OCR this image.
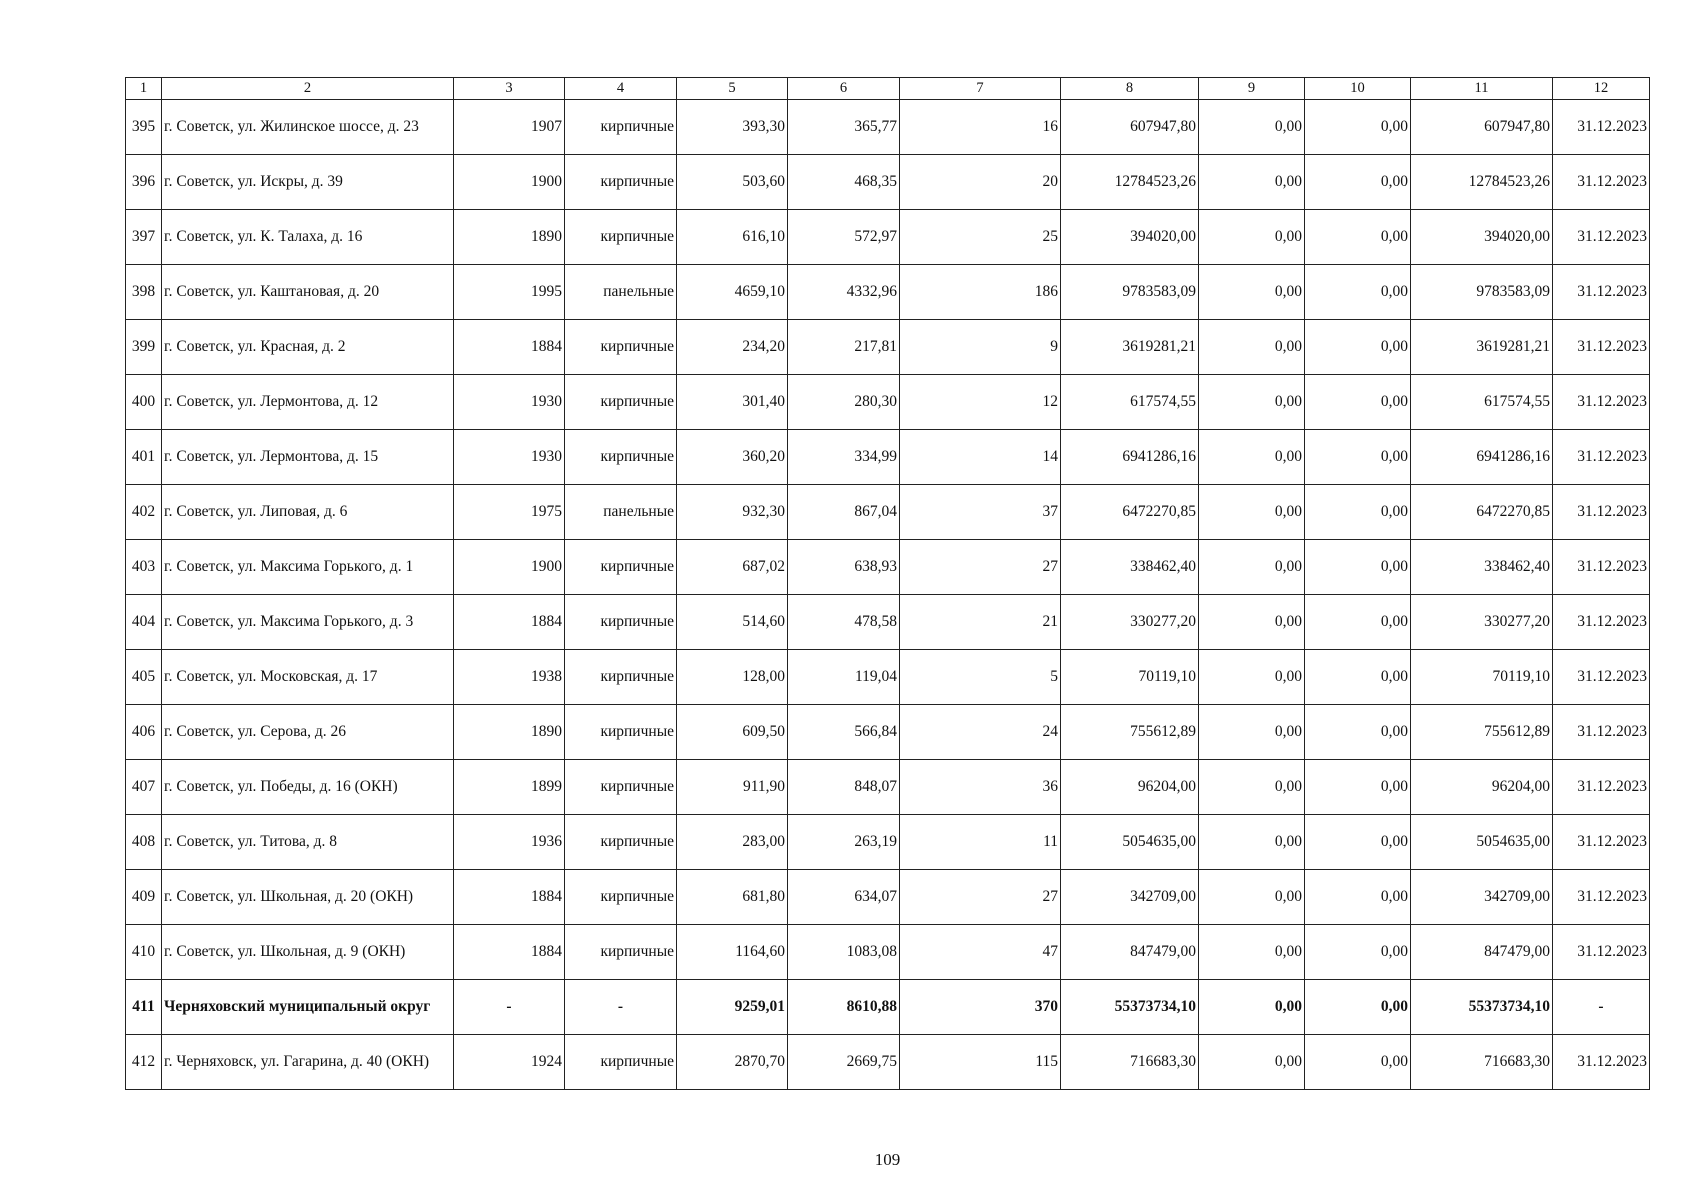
1	2	3	4	5	6	7	8	9	10	11	12
395	г. Советск, ул. Жилинское шоссе, д. 23	1907	кирпичные	393,30	365,77	16	607947,80	0,00	0,00	607947,80	31.12.2023
396	г. Советск, ул. Искры, д. 39	1900	кирпичные	503,60	468,35	20	12784523,26	0,00	0,00	12784523,26	31.12.2023
397	г. Советск, ул. К. Талаха, д. 16	1890	кирпичные	616,10	572,97	25	394020,00	0,00	0,00	394020,00	31.12.2023
398	г. Советск, ул. Каштановая, д. 20	1995	панельные	4659,10	4332,96	186	9783583,09	0,00	0,00	9783583,09	31.12.2023
399	г. Советск, ул. Красная, д. 2	1884	кирпичные	234,20	217,81	9	3619281,21	0,00	0,00	3619281,21	31.12.2023
400	г. Советск, ул. Лермонтова, д. 12	1930	кирпичные	301,40	280,30	12	617574,55	0,00	0,00	617574,55	31.12.2023
401	г. Советск, ул. Лермонтова, д. 15	1930	кирпичные	360,20	334,99	14	6941286,16	0,00	0,00	6941286,16	31.12.2023
402	г. Советск, ул. Липовая, д. 6	1975	панельные	932,30	867,04	37	6472270,85	0,00	0,00	6472270,85	31.12.2023
403	г. Советск, ул. Максима Горького, д. 1	1900	кирпичные	687,02	638,93	27	338462,40	0,00	0,00	338462,40	31.12.2023
404	г. Советск, ул. Максима Горького, д. 3	1884	кирпичные	514,60	478,58	21	330277,20	0,00	0,00	330277,20	31.12.2023
405	г. Советск, ул. Московская, д. 17	1938	кирпичные	128,00	119,04	5	70119,10	0,00	0,00	70119,10	31.12.2023
406	г. Советск, ул. Серова, д. 26	1890	кирпичные	609,50	566,84	24	755612,89	0,00	0,00	755612,89	31.12.2023
407	г. Советск, ул. Победы, д. 16 (ОКН)	1899	кирпичные	911,90	848,07	36	96204,00	0,00	0,00	96204,00	31.12.2023
408	г. Советск, ул. Титова, д. 8	1936	кирпичные	283,00	263,19	11	5054635,00	0,00	0,00	5054635,00	31.12.2023
409	г. Советск, ул. Школьная, д. 20 (ОКН)	1884	кирпичные	681,80	634,07	27	342709,00	0,00	0,00	342709,00	31.12.2023
410	г. Советск, ул. Школьная, д. 9 (ОКН)	1884	кирпичные	1164,60	1083,08	47	847479,00	0,00	0,00	847479,00	31.12.2023
411	Черняховский муниципальный округ	-	-	9259,01	8610,88	370	55373734,10	0,00	0,00	55373734,10	-
412	г. Черняховск, ул. Гагарина, д. 40 (ОКН)	1924	кирпичные	2870,70	2669,75	115	716683,30	0,00	0,00	716683,30	31.12.2023
109
